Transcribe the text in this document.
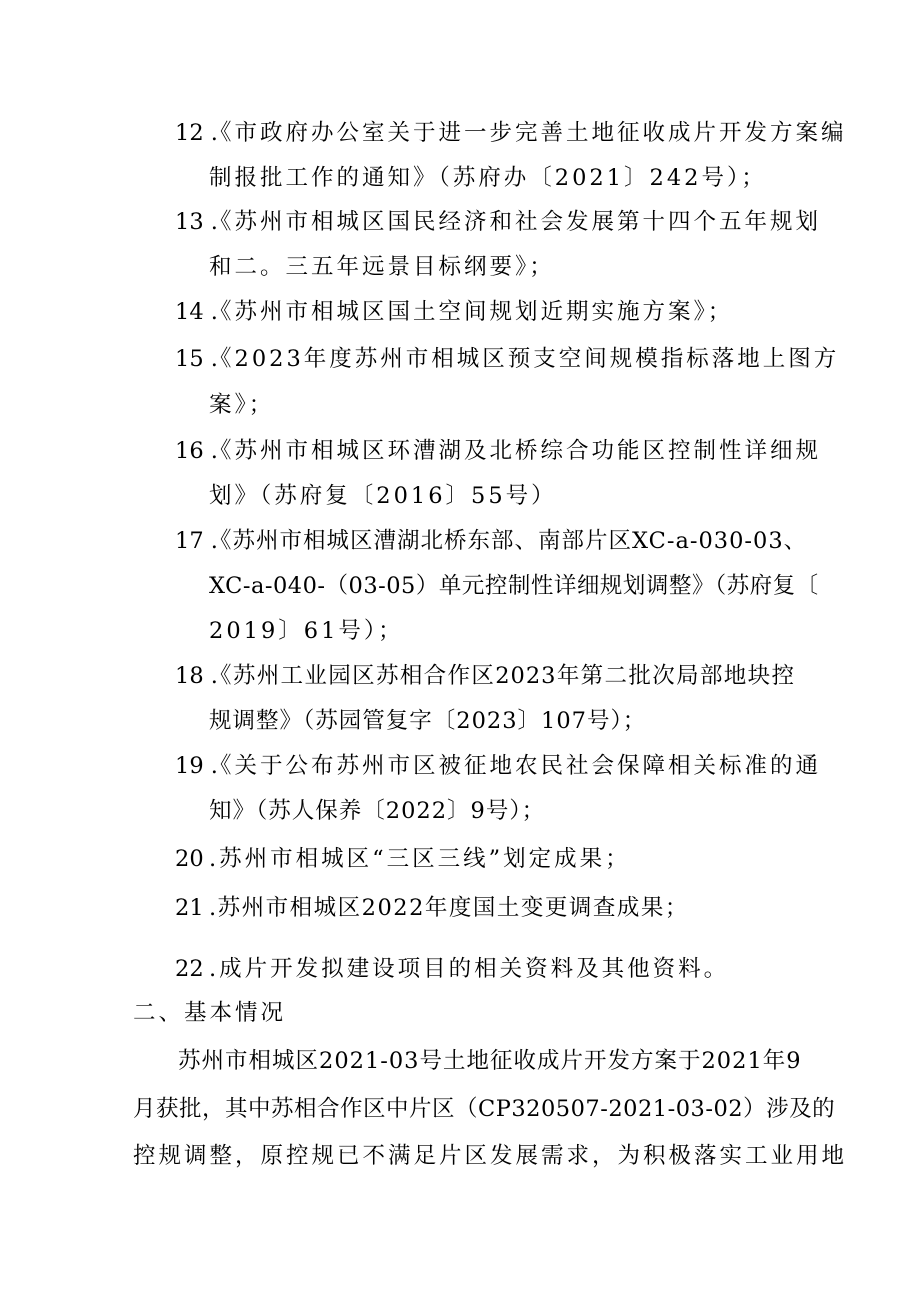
12 .
《市政府办公室关于进一步完善土地征收成片开发方案编
制报批工作的通知》（苏府办〔2021〕242号）；
13 .
《苏州市相城区国民经济和社会发展第十四个五年规划
和二。三五年远景目标纲要》；
14 .
《苏州市相城区国土空间规划近期实施方案》；
15 .
《2023年度苏州市相城区预支空间规模指标落地上图方
案》；
16 .
《苏州市相城区环漕湖及北桥综合功能区控制性详细规
划》（苏府复〔2016〕55号）
17 .
《苏州市相城区漕湖北桥东部、南部片区XC-a-030-03、
XC-a-040-（03-05）单元控制性详细规划调整》（苏府复〔
2019〕61号）；
18 .
《苏州工业园区苏相合作区2023年第二批次局部地块控
规调整》（苏园管复字〔2023〕107号）；
19 .
《关于公布苏州市区被征地农民社会保障相关标准的通
知》（苏人保养〔2022〕9号）；
20 .苏州市相城区“三区三线”划定成果；
21 .苏州市相城区2022年度国土变更调查成果；
22 .成片开发拟建设项目的相关资料及其他资料。
二、基本情况
苏州市相城区2021-03号土地征收成片开发方案于2021年9
月获批，其中苏相合作区中片区（CP320507-2021-03-02）涉及的
控规调整，原控规已不满足片区发展需求，为积极落实工业用地
